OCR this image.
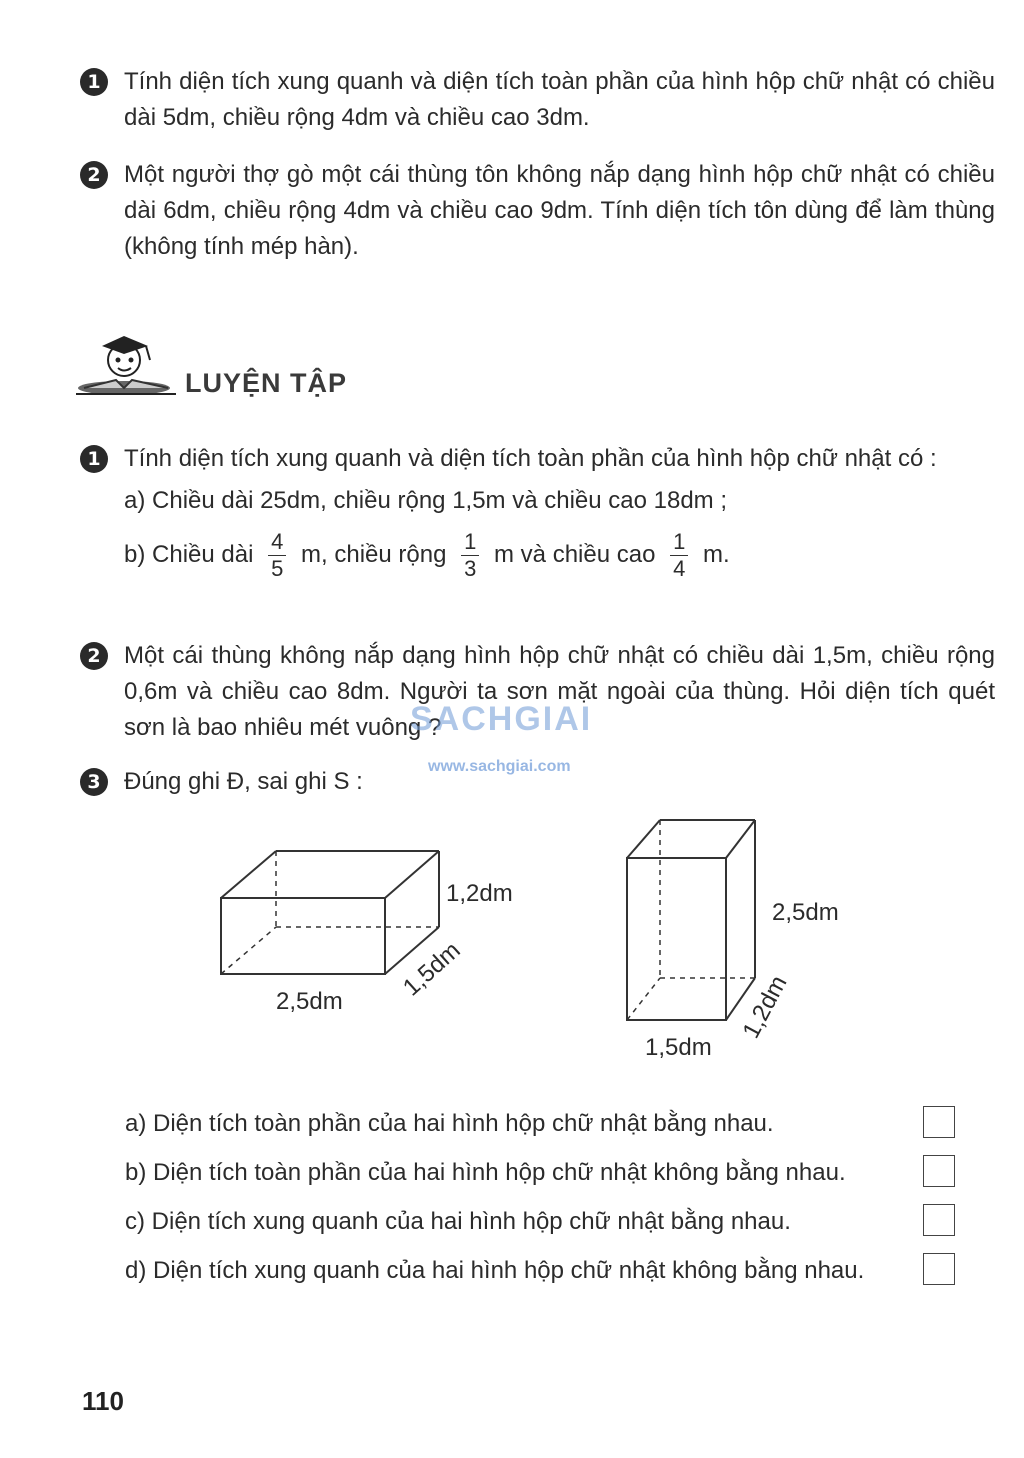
1 Tính diện tích xung quanh và diện tích toàn phần của hình hộp chữ nhật có chiều dài 5dm, chiều rộng 4dm và chiều cao 3dm.
2 Một người thợ gò một cái thùng tôn không nắp dạng hình hộp chữ nhật có chiều dài 6dm, chiều rộng 4dm và chiều cao 9dm. Tính diện tích tôn dùng để làm thùng (không tính mép hàn).
LUYỆN TẬP
1 Tính diện tích xung quanh và diện tích toàn phần của hình hộp chữ nhật có :
a) Chiều dài 25dm, chiều rộng 1,5m và chiều cao 18dm ;
b) Chiều dài $\frac{4}{5} m$, chiều rộng $\frac{1}{3}$ m và chiều cao $\frac{1}{4} m$.
2 Một cái thùng không nắp dạng hình hộp chữ nhật có chiều dài 1,5m, chiều rộng 0,6m và chiều cao 8dm. Người ta sơn mặt ngoài của thùng. Hỏi diện tích quét sơn là bao nhiêu mét vuông ?
SACHGIAI
www.sachgiai.com
3 Đúng ghi Đ, sai ghi S :
1,2dm
2,5dm
1,5dm
2,5dm
1,5dm
1,2dm
a) Diện tích toàn phần của hai hình hộp chữ nhật bằng nhau.
b) Diện tích toàn phần của hai hình hộp chữ nhật không bằng nhau.
c) Diện tích xung quanh của hai hình hộp chữ nhật bằng nhau.
d) Diện tích xung quanh của hai hình hộp chữ nhật không bằng nhau.
110
